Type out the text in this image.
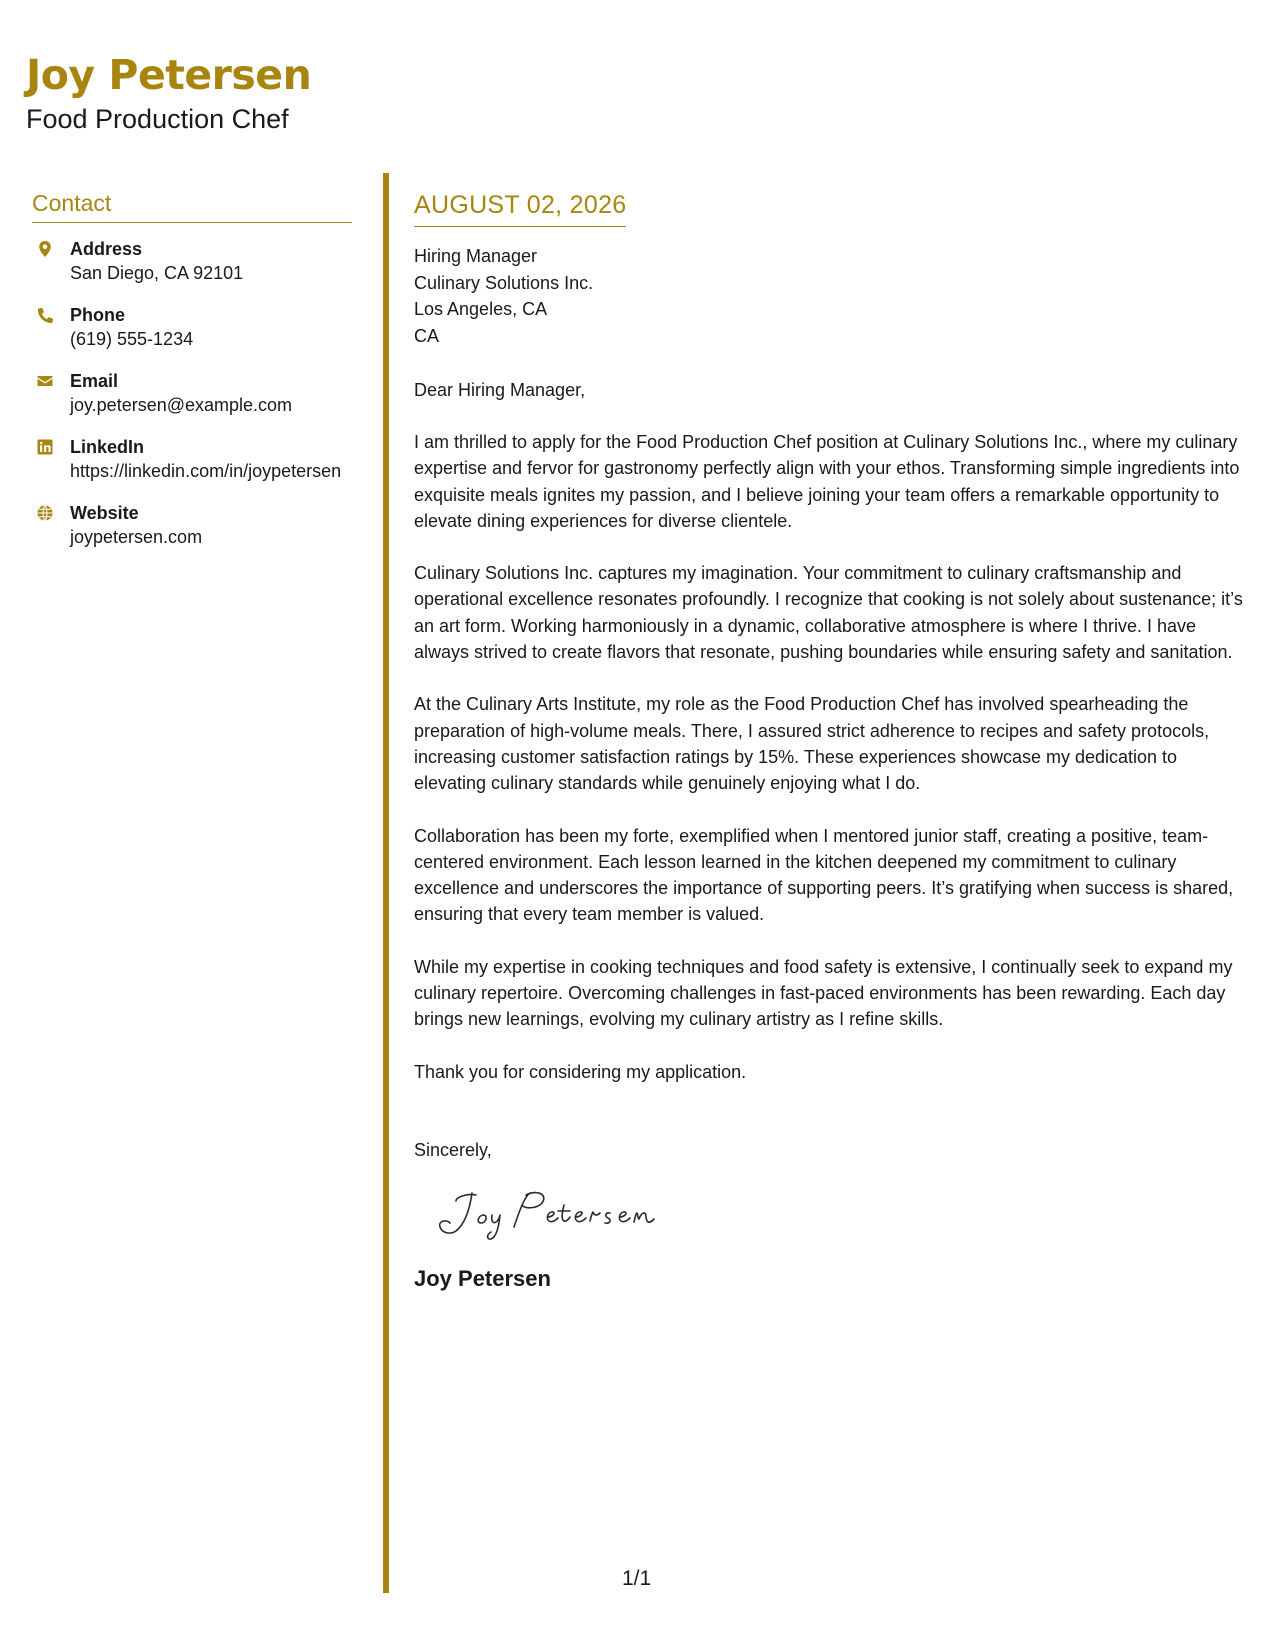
Joy Petersen
Food Production Chef
Contact
Address
San Diego, CA 92101
Phone
(619) 555-1234
Email
joy.petersen@example.com
LinkedIn
https://linkedin.com/in/joypetersen
Website
joypetersen.com
AUGUST 02, 2026
Hiring Manager
Culinary Solutions Inc.
Los Angeles, CA
CA
Dear Hiring Manager,
I am thrilled to apply for the Food Production Chef position at Culinary Solutions Inc., where my culinary expertise and fervor for gastronomy perfectly align with your ethos. Transforming simple ingredients into exquisite meals ignites my passion, and I believe joining your team offers a remarkable opportunity to elevate dining experiences for diverse clientele.
Culinary Solutions Inc. captures my imagination. Your commitment to culinary craftsmanship and operational excellence resonates profoundly. I recognize that cooking is not solely about sustenance; it’s an art form. Working harmoniously in a dynamic, collaborative atmosphere is where I thrive. I have always strived to create flavors that resonate, pushing boundaries while ensuring safety and sanitation.
At the Culinary Arts Institute, my role as the Food Production Chef has involved spearheading the preparation of high-volume meals. There, I assured strict adherence to recipes and safety protocols, increasing customer satisfaction ratings by 15%. These experiences showcase my dedication to elevating culinary standards while genuinely enjoying what I do.
Collaboration has been my forte, exemplified when I mentored junior staff, creating a positive, team-centered environment. Each lesson learned in the kitchen deepened my commitment to culinary excellence and underscores the importance of supporting peers. It’s gratifying when success is shared, ensuring that every team member is valued.
While my expertise in cooking techniques and food safety is extensive, I continually seek to expand my culinary repertoire. Overcoming challenges in fast-paced environments has been rewarding. Each day brings new learnings, evolving my culinary artistry as I refine skills.
Thank you for considering my application.
Sincerely,
Joy Petersen
Joy Petersen
1/1
